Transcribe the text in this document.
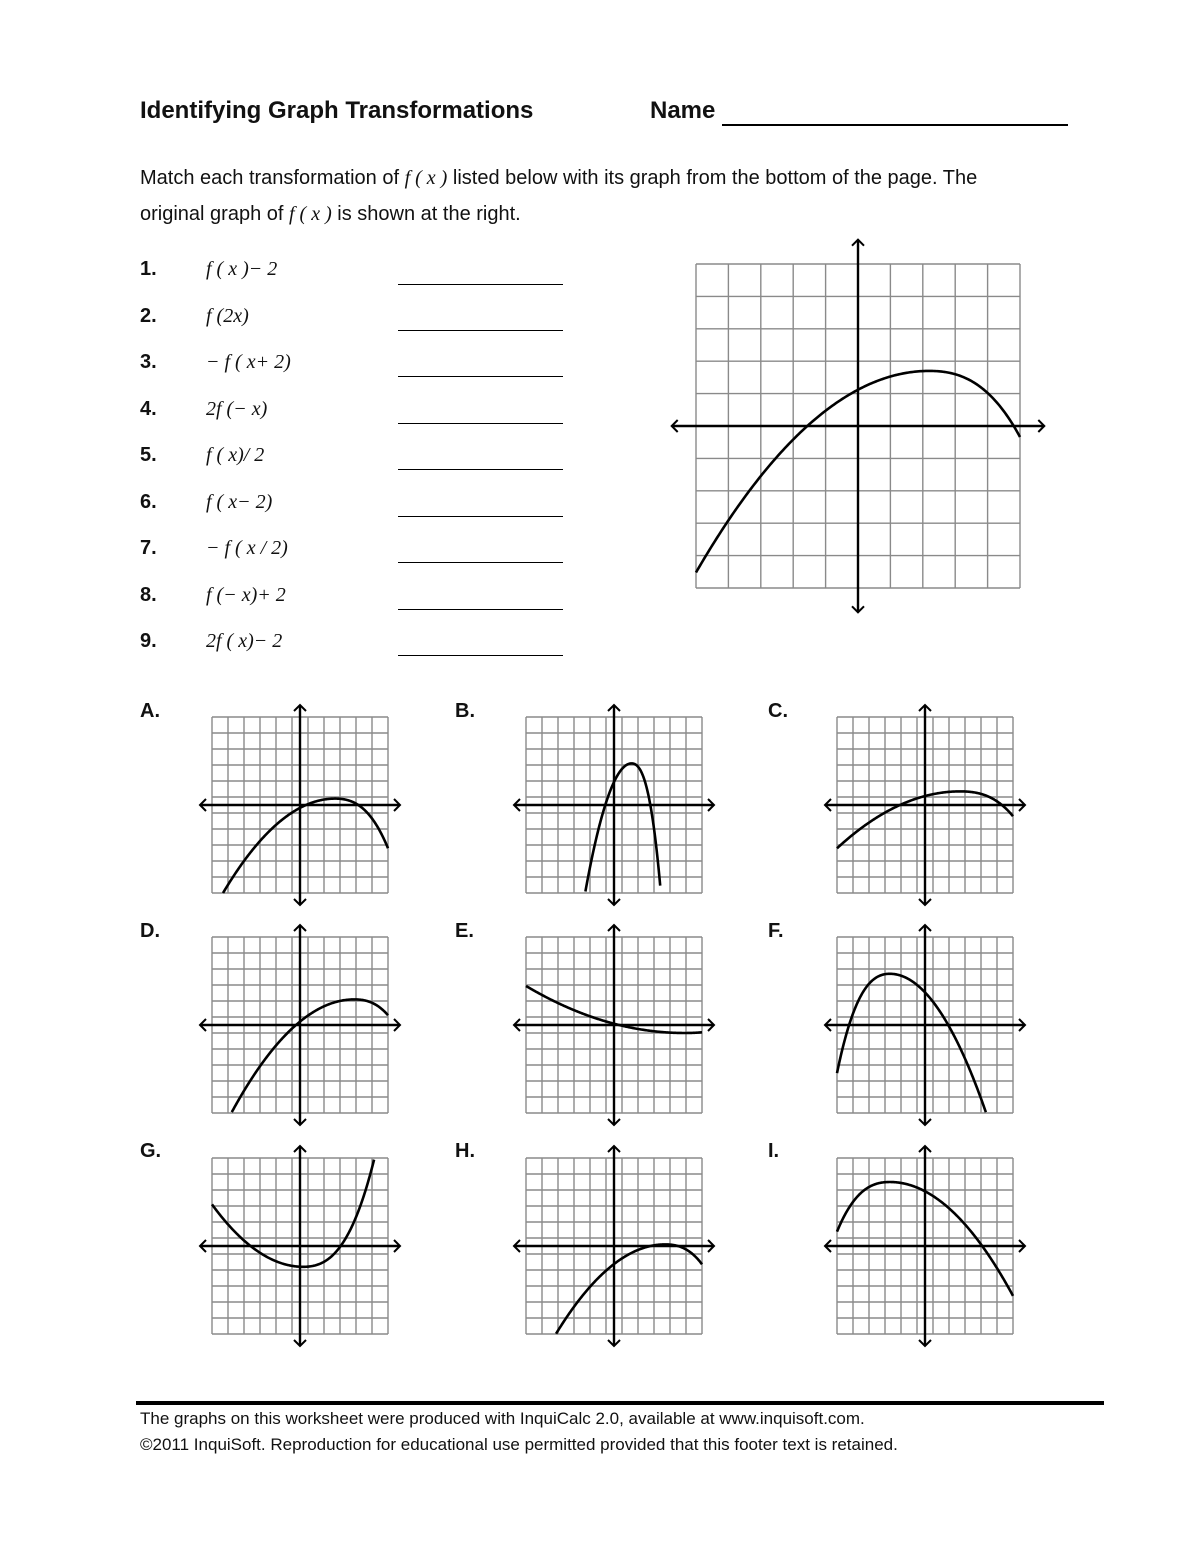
Identifying Graph Transformations	Name
Match each transformation of f ( x ) listed below with its graph from the bottom of the page. The
original graph of f ( x ) is shown at the right.
1. f ( x )− 2
2. f (2x)
3. − f ( x+ 2)
4. 2f (− x)
5. f ( x)/ 2
6. f ( x− 2)
7. − f ( x / 2)
8. f (− x)+ 2
9. 2f ( x)− 2
A.	B.	C.
D.	E.	F.
G.	H.	I.
The graphs on this worksheet were produced with InquiCalc 2.0, available at www.inquisoft.com.
©2011 InquiSoft. Reproduction for educational use permitted provided that this footer text is retained.
